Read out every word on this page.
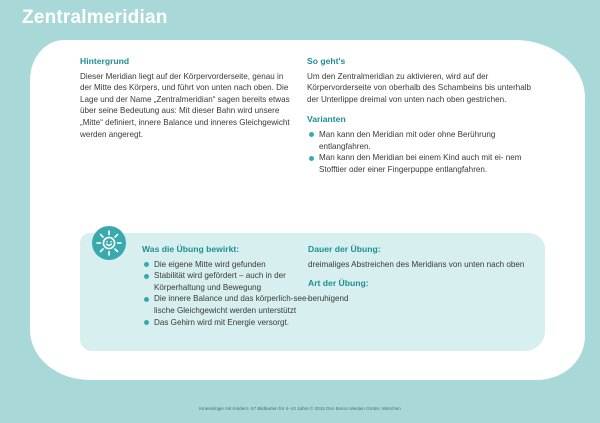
Zentralmeridian
Hintergrund

Dieser Meridian liegt auf der Körpervorderseite, genau in der Mitte des Körpers, und führt von unten nach oben. Die Lage und der Name „Zentralmeridian“ sagen bereits etwas über seine Bedeutung aus: Mit dieser Bahn wird unsere „Mitte“ definiert, innere Balance und inneres Gleichgewicht werden angeregt.

So geht's

Um den Zentralmeridian zu aktivieren, wird auf der Körpervorderseite von oberhalb des Schambeins bis unterhalb der Unterlippe dreimal von unten nach oben gestrichen.

Varianten
Man kann den Meridian mit oder ohne Berührung entlangfahren.
Man kann den Meridian bei einem Kind auch mit ei- nem Stofftier oder einer Fingerpuppe entlangfahren.
Was die Übung bewirkt:
Die eigene Mitte wird gefunden
Stabilität wird gefördert – auch in der Körperhaltung und Bewegung
Die innere Balance und das körperlich-see- lische Gleichgewicht werden unterstützt
Das Gehirn wird mit Energie versorgt.
Dauer der Übung:

dreimaliges Abstreichen des Meridians von unten nach oben

Art der Übung:

beruhigend

Kinesiologie mit Kindern. 57 Bildkarten für 4–10 Jahre © 2015 Don Bosco Medien GmbH, München
